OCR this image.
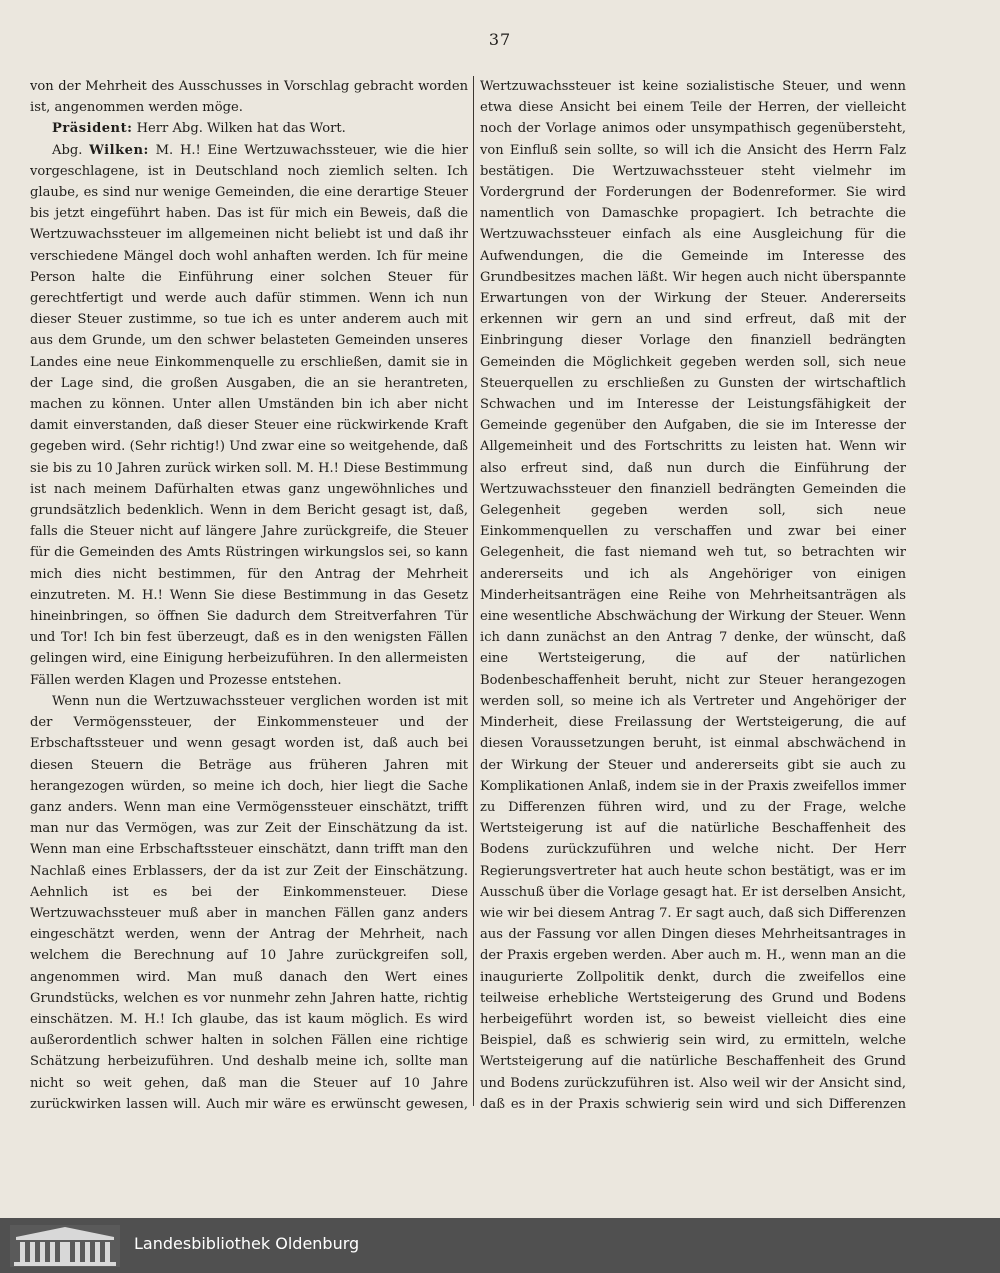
37

von der Mehrheit des Ausschusses in Vorschlag gebracht worden ist, angenommen werden möge.

Präsident: Herr Abg. Wilken hat das Wort.

Abg. Wilken: M. H.! Eine Wertzuwachssteuer, wie die hier vorgeschlagene, ist in Deutschland noch ziemlich selten. Ich glaube, es sind nur wenige Gemeinden, die eine derartige Steuer bis jetzt eingeführt haben. Das ist für mich ein Beweis, daß die Wertzuwachssteuer im allgemeinen nicht beliebt ist und daß ihr verschiedene Mängel doch wohl anhaften werden. Ich für meine Person halte die Einführung einer solchen Steuer für gerechtfertigt und werde auch dafür stimmen. Wenn ich nun dieser Steuer zustimme, so tue ich es unter anderem auch mit aus dem Grunde, um den schwer belasteten Gemeinden unseres Landes eine neue Einkommenquelle zu erschließen, damit sie in der Lage sind, die großen Ausgaben, die an sie herantreten, machen zu können. Unter allen Umständen bin ich aber nicht damit einverstanden, daß dieser Steuer eine rückwirkende Kraft gegeben wird. (Sehr richtig!) Und zwar eine so weitgehende, daß sie bis zu 10 Jahren zurück wirken soll. M. H.! Diese Bestimmung ist nach meinem Dafürhalten etwas ganz ungewöhnliches und grundsätzlich bedenklich. Wenn in dem Bericht gesagt ist, daß, falls die Steuer nicht auf längere Jahre zurückgreife, die Steuer für die Gemeinden des Amts Rüstringen wirkungslos sei, so kann mich dies nicht bestimmen, für den Antrag der Mehrheit einzutreten. M. H.! Wenn Sie diese Bestimmung in das Gesetz hineinbringen, so öffnen Sie dadurch dem Streitverfahren Tür und Tor! Ich bin fest überzeugt, daß es in den wenigsten Fällen gelingen wird, eine Einigung herbeizuführen. In den allermeisten Fällen werden Klagen und Prozesse entstehen.

Wenn nun die Wertzuwachssteuer verglichen worden ist mit der Vermögenssteuer, der Einkommensteuer und der Erbschaftssteuer und wenn gesagt worden ist, daß auch bei diesen Steuern die Beträge aus früheren Jahren mit herangezogen würden, so meine ich doch, hier liegt die Sache ganz anders. Wenn man eine Vermögenssteuer einschätzt, trifft man nur das Vermögen, was zur Zeit der Einschätzung da ist. Wenn man eine Erbschaftssteuer einschätzt, dann trifft man den Nachlaß eines Erblassers, der da ist zur Zeit der Einschätzung. Aehnlich ist es bei der Einkommensteuer. Diese Wertzuwachssteuer muß aber in manchen Fällen ganz anders eingeschätzt werden, wenn der Antrag der Mehrheit, nach welchem die Berechnung auf 10 Jahre zurückgreifen soll, angenommen wird. Man muß danach den Wert eines Grundstücks, welchen es vor nunmehr zehn Jahren hatte, richtig einschätzen. M. H.! Ich glaube, das ist kaum möglich. Es wird außerordentlich schwer halten in solchen Fällen eine richtige Schätzung herbeizuführen. Und deshalb meine ich, sollte man nicht so weit gehen, daß man die Steuer auf 10 Jahre zurückwirken lassen will. Auch mir wäre es erwünscht gewesen,

Wertzuwachssteuer ist keine sozialistische Steuer, und wenn etwa diese Ansicht bei einem Teile der Herren, der vielleicht noch der Vorlage animos oder unsympathisch gegenübersteht, von Einfluß sein sollte, so will ich die Ansicht des Herrn Falz bestätigen. Die Wertzuwachssteuer steht vielmehr im Vordergrund der Forderungen der Bodenreformer. Sie wird namentlich von Damaschke propagiert. Ich betrachte die Wertzuwachssteuer einfach als eine Ausgleichung für die Aufwendungen, die die Gemeinde im Interesse des Grundbesitzes machen läßt. Wir hegen auch nicht überspannte Erwartungen von der Wirkung der Steuer. Andererseits erkennen wir gern an und sind erfreut, daß mit der Einbringung dieser Vorlage den finanziell bedrängten Gemeinden die Möglichkeit gegeben werden soll, sich neue Steuerquellen zu erschließen zu Gunsten der wirtschaftlich Schwachen und im Interesse der Leistungsfähigkeit der Gemeinde gegenüber den Aufgaben, die sie im Interesse der Allgemeinheit und des Fortschritts zu leisten hat. Wenn wir also erfreut sind, daß nun durch die Einführung der Wertzuwachssteuer den finanziell bedrängten Gemeinden die Gelegenheit gegeben werden soll, sich neue Einkommenquellen zu verschaffen und zwar bei einer Gelegenheit, die fast niemand weh tut, so betrachten wir andererseits und ich als Angehöriger von einigen Minderheitsanträgen eine Reihe von Mehrheitsanträgen als eine wesentliche Abschwächung der Wirkung der Steuer. Wenn ich dann zunächst an den Antrag 7 denke, der wünscht, daß eine Wertsteigerung, die auf der natürlichen Bodenbeschaffenheit beruht, nicht zur Steuer herangezogen werden soll, so meine ich als Vertreter und Angehöriger der Minderheit, diese Freilassung der Wertsteigerung, die auf diesen Voraussetzungen beruht, ist einmal abschwächend in der Wirkung der Steuer und andererseits gibt sie auch zu Komplikationen Anlaß, indem sie in der Praxis zweifellos immer zu Differenzen führen wird, und zu der Frage, welche Wertsteigerung ist auf die natürliche Beschaffenheit des Bodens zurückzuführen und welche nicht. Der Herr Regierungsvertreter hat auch heute schon bestätigt, was er im Ausschuß über die Vorlage gesagt hat. Er ist derselben Ansicht, wie wir bei diesem Antrag 7. Er sagt auch, daß sich Differenzen aus der Fassung vor allen Dingen dieses Mehrheitsantrages in der Praxis ergeben werden. Aber auch m. H., wenn man an die inaugurierte Zollpolitik denkt, durch die zweifellos eine teilweise erhebliche Wertsteigerung des Grund und Bodens herbeigeführt worden ist, so beweist vielleicht dies eine Beispiel, daß es schwierig sein wird, zu ermitteln, welche Wertsteigerung auf die natürliche Beschaffenheit des Grund und Bodens zurückzuführen ist. Also weil wir der Ansicht sind, daß es in der Praxis schwierig sein wird und sich Differenzen

Landesbibliothek Oldenburg
